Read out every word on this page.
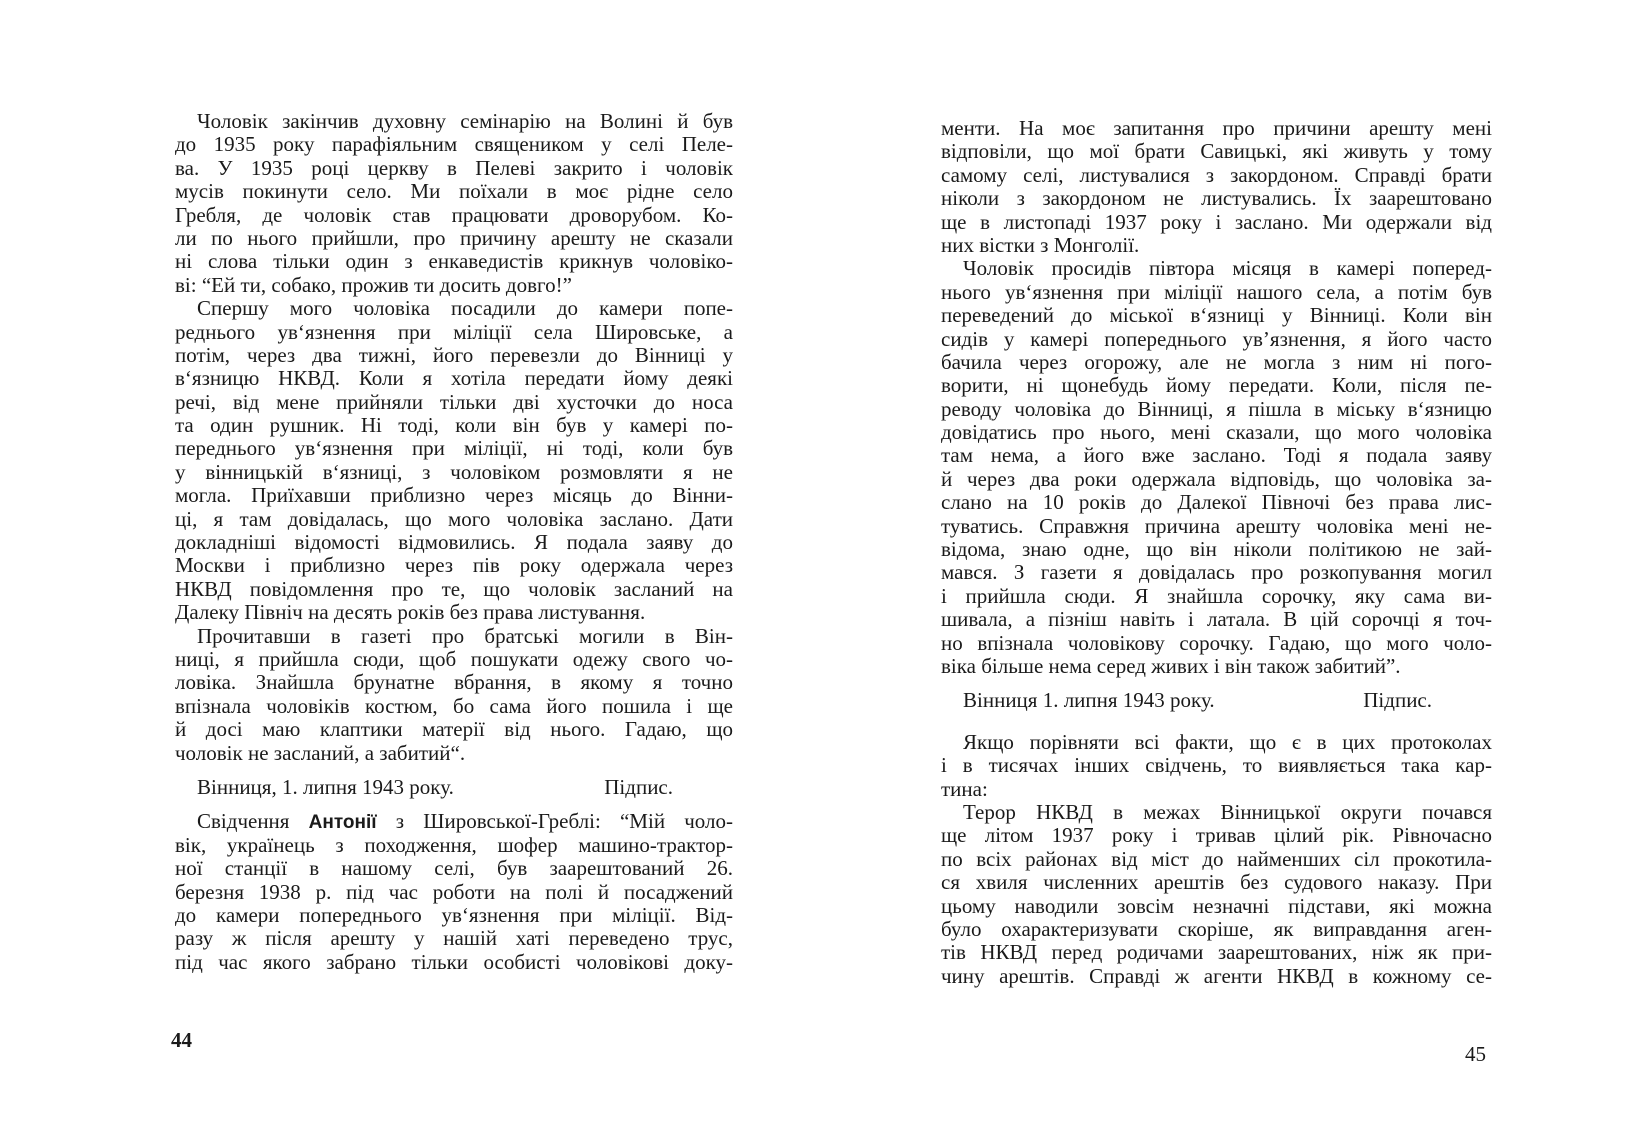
Чоловік закінчив духовну семінарію на Волині й був
до 1935 року парафіяльним священиком у селі Пеле-
ва. У 1935 році церкву в Пелеві закрито і чоловік
мусів покинути село. Ми поїхали в моє рідне село
Гребля, де чоловік став працювати дроворубом. Ко-
ли по нього прийшли, про причину арешту не сказали
ні слова тільки один з енкаведистів крикнув чоловіко-
ві: “Ей ти, собако, прожив ти досить довго!”
Спершу мого чоловіка посадили до камери попе-
реднього ув‘язнення при міліції села Шировське, а
потім, через два тижні, його перевезли до Вінниці у
в‘язницю НКВД. Коли я хотіла передати йому деякі
речі, від мене прийняли тільки дві хусточки до носа
та один рушник. Ні тоді, коли він був у камері по-
переднього ув‘язнення при міліції, ні тоді, коли був
у вінницькій в‘язниці, з чоловіком розмовляти я не
могла. Приїхавши приблизно через місяць до Вінни-
ці, я там довідалась, що мого чоловіка заслано. Дати
докладніші відомості відмовились. Я подала заяву до
Москви і приблизно через пів року одержала через
НКВД повідомлення про те, що чоловік засланий на
Далеку Північ на десять років без права листування.
Прочитавши в газеті про братські могили в Він-
ниці, я прийшла сюди, щоб пошукати одежу свого чо-
ловіка. Знайшла брунатне вбрання, в якому я точно
впізнала чоловіків костюм, бо сама його пошила і ще
й досі маю клаптики матерії від нього. Гадаю, що
чоловік не засланий, а забитий“.
Вінниця, 1. липня 1943 року.	Підпис.
Свідчення Антонії з Шировської-Греблі: “Мій чоло-
вік, українець з походження, шофер машино-трактор-
ної станції в нашому селі, був заарештований 26.
березня 1938 р. під час роботи на полі й посаджений
до камери попереднього ув‘язнення при міліції. Від-
разу ж після арешту у нашій хаті переведено трус,
під час якого забрано тільки особисті чоловікові доку-
44
менти. На моє запитання про причини арешту мені
відповіли, що мої брати Савицькі, які живуть у тому
самому селі, листувалися з закордоном. Справді брати
ніколи з закордоном не листувались. Їх заарештовано
ще в листопаді 1937 року і заслано. Ми одержали від
них вістки з Монголії.
Чоловік просидів півтора місяця в камері поперед-
нього ув‘язнення при міліції нашого села, а потім був
переведений до міської в‘язниці у Вінниці. Коли він
сидів у камері попереднього ув’язнення, я його часто
бачила через огорожу, але не могла з ним ні пого-
ворити, ні щонебудь йому передати. Коли, після пе-
реводу чоловіка до Вінниці, я пішла в міську в‘язницю
довідатись про нього, мені сказали, що мого чоловіка
там нема, а його вже заслано. Тоді я подала заяву
й через два роки одержала відповідь, що чоловіка за-
слано на 10 років до Далекої Півночі без права лис-
туватись. Справжня причина арешту чоловіка мені не-
відома, знаю одне, що він ніколи політикою не зай-
мався. З газети я довідалась про розкопування могил
і прийшла сюди. Я знайшла сорочку, яку сама ви-
шивала, а пізніш навіть і латала. В цій сорочці я точ-
но впізнала чоловікову сорочку. Гадаю, що мого чоло-
віка більше нема серед живих і він також забитий”.
Вінниця 1. липня 1943 року.	Підпис.
Якщо порівняти всі факти, що є в цих протоколах
і в тисячах інших свідчень, то виявляється така кар-
тина:
Терор НКВД в межах Вінницької округи почався
ще літом 1937 року і тривав цілий рік. Рівночасно
по всіх районах від міст до найменших сіл прокотила-
ся хвиля численних арештів без судового наказу. При
цьому наводили зовсім незначні підстави, які можна
було охарактеризувати скоріше, як виправдання аген-
тів НКВД перед родичами заарештованих, ніж як при-
чину арештів. Справді ж агенти НКВД в кожному се-
45
